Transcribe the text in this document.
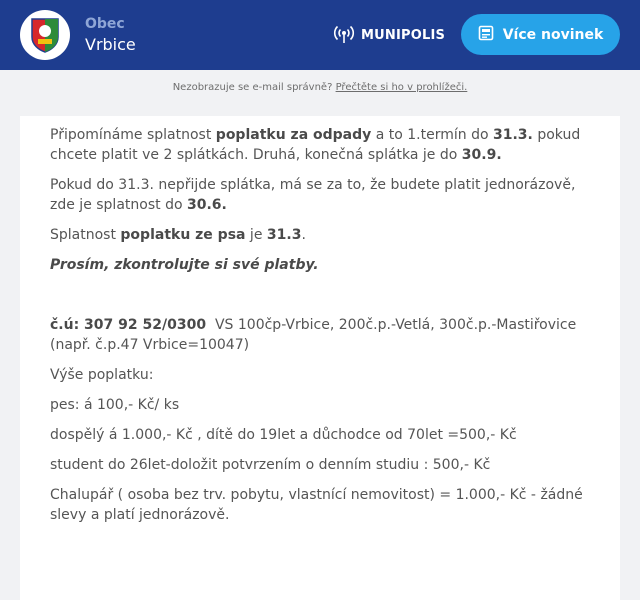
Obec
Vrbice	MUNIPOLIS	Více novinek
Nezobrazuje se e-mail správně? Přečtěte si ho v prohlížeči.

Připomínáme splatnost poplatku za odpady a to 1.termín do 31.3. pokud chcete platit ve 2 splátkách. Druhá, konečná splátka je do 30.9.

Pokud do 31.3. nepřijde splátka, má se za to, že budete platit jednorázově, zde je splatnost do 30.6.

Splatnost poplatku ze psa je 31.3.

Prosím, zkontrolujte si své platby.

č.ú: 307 92 52/0300  VS 100čp-Vrbice, 200č.p.-Vetlá, 300č.p.-Mastiřovice (např. č.p.47 Vrbice=10047)

Výše poplatku:

pes: á 100,- Kč/ ks

dospělý á 1.000,- Kč , dítě do 19let a důchodce od 70let =500,- Kč

student do 26let-doložit potvrzením o denním studiu : 500,- Kč

Chalupář ( osoba bez trv. pobytu, vlastnící nemovitost) = 1.000,- Kč - žádné slevy a platí jednorázově.
